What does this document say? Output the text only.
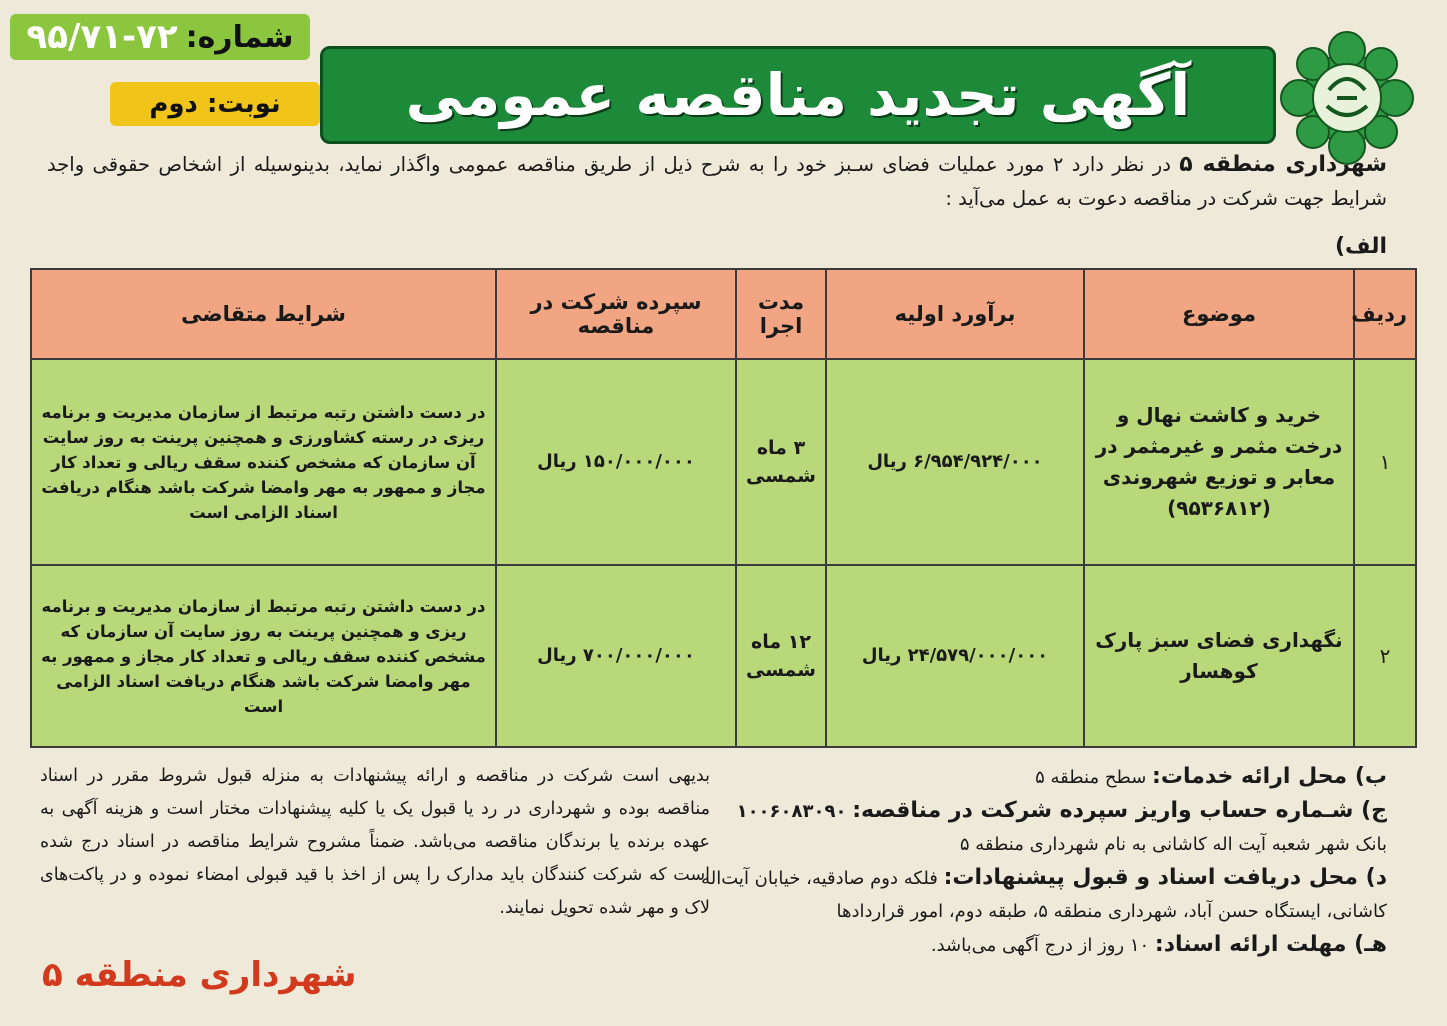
شماره:
۹۵/۷۱-۷۲
نوبت: دوم آگهی تجدید مناقصه عمومی
شهرداری منطقه ۵ در نظر دارد ۲ مورد عملیات فضای سـبز خود را به شرح ذیل از طریق مناقصه عمومی واگذار نماید، بدینوسیله از اشخاص حقوقی واجد شرایط جهت شرکت در مناقصه دعوت به عمل می‌آید :
الف)
ردیف	موضوع	برآورد اولیه	مدت اجرا	سپرده شرکت در مناقصه	شرایط متقاضی
۱	خرید و کاشت نهال و درخت مثمر و غیرمثمر در معابر و توزیع شهروندی (۹۵۳۶۸۱۲)	۶/۹۵۴/۹۲۴/۰۰۰ ریال	۳ ماه شمسی	۱۵۰/۰۰۰/۰۰۰ ریال	در دست داشتن رتبه مرتبط از سازمان مدیریت و برنامه ریزی در رسته کشاورزی و همچنین پرینت به روز سایت آن سازمان که مشخص کننده سقف ریالی و تعداد کار مجاز و ممهور به مهر وامضا شرکت باشد هنگام دریافت اسناد الزامی است
۲	نگهداری فضای سبز پارک کوهسار	۲۴/۵۷۹/۰۰۰/۰۰۰ ریال	۱۲ ماه شمسی	۷۰۰/۰۰۰/۰۰۰ ریال	در دست داشتن رتبه مرتبط از سازمان مدیریت و برنامه ریزی و همچنین پرینت به روز سایت آن سازمان که مشخص کننده سقف ریالی و تعداد کار مجاز و ممهور به مهر وامضا شرکت باشد هنگام دریافت اسناد الزامی است

ب) محل ارائه خدمات: سطح منطقه ۵

ج) شـماره حساب واریز سپرده شرکت در مناقصه: ۱۰۰۶۰۸۳۰۹۰

بانک شهر شعبه آیت اله کاشانی به نام شهرداری منطقه ۵

د) محل دریافت اسناد و قبول پیشنهادات: فلکه دوم صادقیه، خیابان آیت‌اله کاشانی، ایستگاه حسن آباد، شهرداری منطقه ۵، طبقه دوم، امور قراردادها

هـ) مهلت ارائه اسناد: ۱۰ روز از درج آگهی می‌باشد.

بدیهی است شرکت در مناقصه و ارائه پیشنهادات به منزله قبول شروط مقرر در اسناد مناقصه بوده و شهرداری در رد یا قبول یک یا کلیه پیشنهادات مختار است و هزینه آگهی به عهده برنده یا برندگان مناقصه می‌باشد. ضمناً مشروح شرایط مناقصه در اسناد درج شده است که شرکت کنندگان باید مدارک را پس از اخذ با قید قبولی امضاء نموده و در پاکت‌های لاک و مهر شده تحویل نمایند.
شهرداری منطقه ۵
